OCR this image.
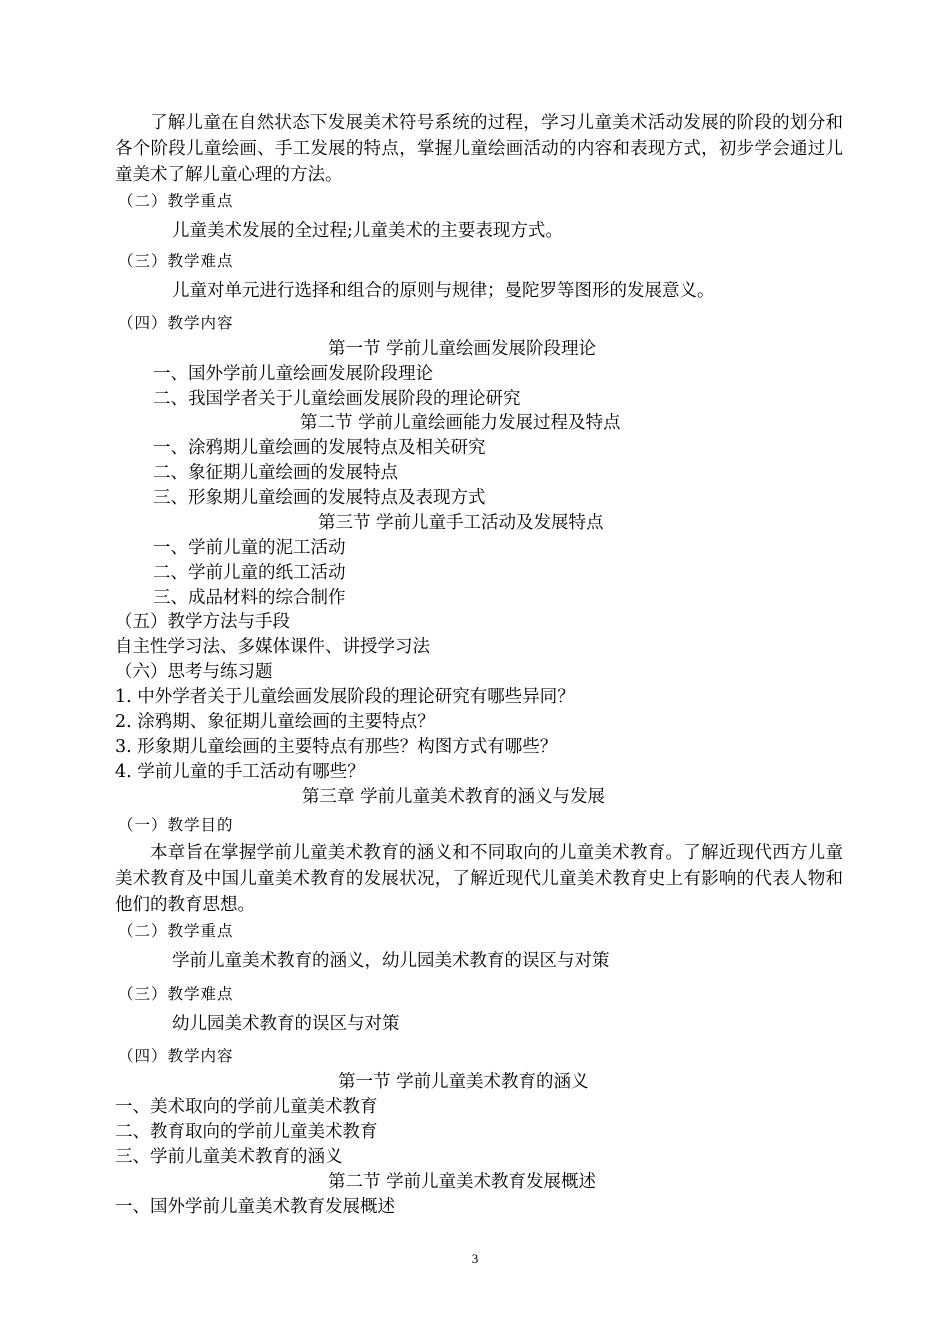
了解儿童在自然状态下发展美术符号系统的过程，学习儿童美术活动发展的阶段的划分和各个阶段儿童绘画、手工发展的特点，掌握儿童绘画活动的内容和表现方式，初步学会通过儿童美术了解儿童心理的方法。
（二）教学重点
儿童美术发展的全过程;儿童美术的主要表现方式。
（三）教学难点
儿童对单元进行选择和组合的原则与规律；曼陀罗等图形的发展意义。
（四）教学内容
第一节 学前儿童绘画发展阶段理论
一、国外学前儿童绘画发展阶段理论
二、我国学者关于儿童绘画发展阶段的理论研究
第二节 学前儿童绘画能力发展过程及特点
一、涂鸦期儿童绘画的发展特点及相关研究
二、象征期儿童绘画的发展特点
三、形象期儿童绘画的发展特点及表现方式
第三节 学前儿童手工活动及发展特点
一、学前儿童的泥工活动
二、学前儿童的纸工活动
三、成品材料的综合制作
（五）教学方法与手段
自主性学习法、多媒体课件、讲授学习法
（六）思考与练习题
1. 中外学者关于儿童绘画发展阶段的理论研究有哪些异同？
2. 涂鸦期、象征期儿童绘画的主要特点？
3. 形象期儿童绘画的主要特点有那些？构图方式有哪些？
4. 学前儿童的手工活动有哪些？
第三章 学前儿童美术教育的涵义与发展
（一）教学目的
本章旨在掌握学前儿童美术教育的涵义和不同取向的儿童美术教育。了解近现代西方儿童美术教育及中国儿童美术教育的发展状况，了解近现代儿童美术教育史上有影响的代表人物和他们的教育思想。
（二）教学重点
学前儿童美术教育的涵义，幼儿园美术教育的误区与对策
（三）教学难点
幼儿园美术教育的误区与对策
（四）教学内容
第一节 学前儿童美术教育的涵义
一、美术取向的学前儿童美术教育
二、教育取向的学前儿童美术教育
三、学前儿童美术教育的涵义
第二节 学前儿童美术教育发展概述
一、国外学前儿童美术教育发展概述
3
